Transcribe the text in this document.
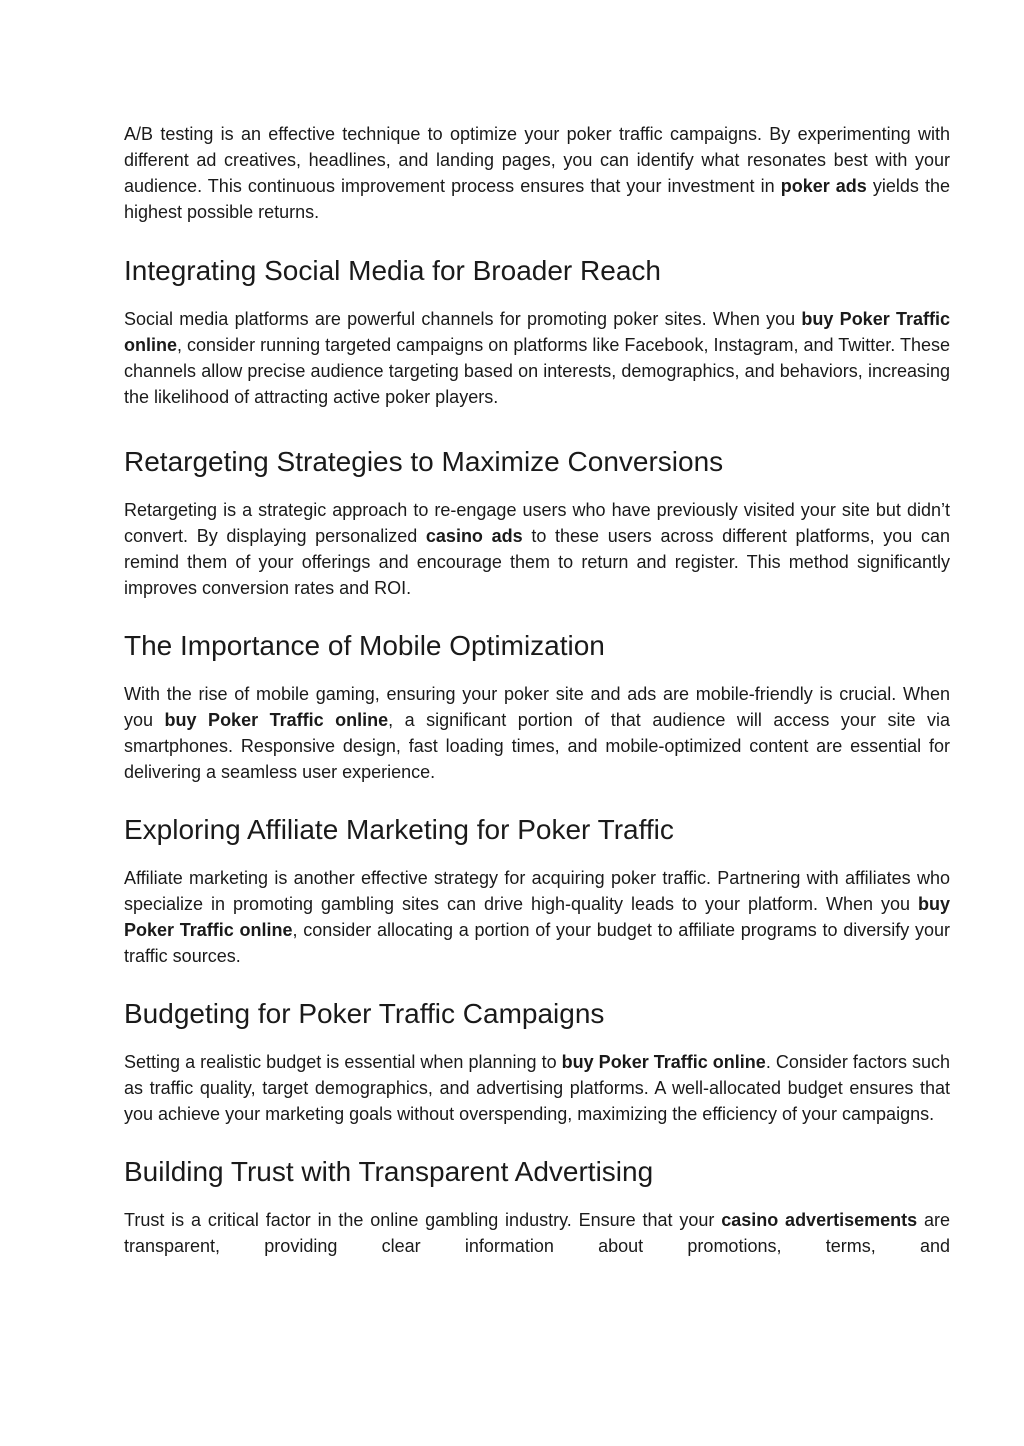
A/B testing is an effective technique to optimize your poker traffic campaigns. By experimenting with different ad creatives, headlines, and landing pages, you can identify what resonates best with your audience. This continuous improvement process ensures that your investment in poker ads yields the highest possible returns.

Integrating Social Media for Broader Reach

Social media platforms are powerful channels for promoting poker sites. When you buy Poker Traffic online, consider running targeted campaigns on platforms like Facebook, Instagram, and Twitter. These channels allow precise audience targeting based on interests, demographics, and behaviors, increasing the likelihood of attracting active poker players.

Retargeting Strategies to Maximize Conversions

Retargeting is a strategic approach to re-engage users who have previously visited your site but didn’t convert. By displaying personalized casino ads to these users across different platforms, you can remind them of your offerings and encourage them to return and register. This method significantly improves conversion rates and ROI.

The Importance of Mobile Optimization

With the rise of mobile gaming, ensuring your poker site and ads are mobile-friendly is crucial. When you buy Poker Traffic online, a significant portion of that audience will access your site via smartphones. Responsive design, fast loading times, and mobile-optimized content are essential for delivering a seamless user experience.

Exploring Affiliate Marketing for Poker Traffic

Affiliate marketing is another effective strategy for acquiring poker traffic. Partnering with affiliates who specialize in promoting gambling sites can drive high-quality leads to your platform. When you buy Poker Traffic online, consider allocating a portion of your budget to affiliate programs to diversify your traffic sources.

Budgeting for Poker Traffic Campaigns

Setting a realistic budget is essential when planning to buy Poker Traffic online. Consider factors such as traffic quality, target demographics, and advertising platforms. A well-allocated budget ensures that you achieve your marketing goals without overspending, maximizing the efficiency of your campaigns.

Building Trust with Transparent Advertising

Trust is a critical factor in the online gambling industry. Ensure that your casino advertisements are transparent, providing clear information about promotions, terms, and
